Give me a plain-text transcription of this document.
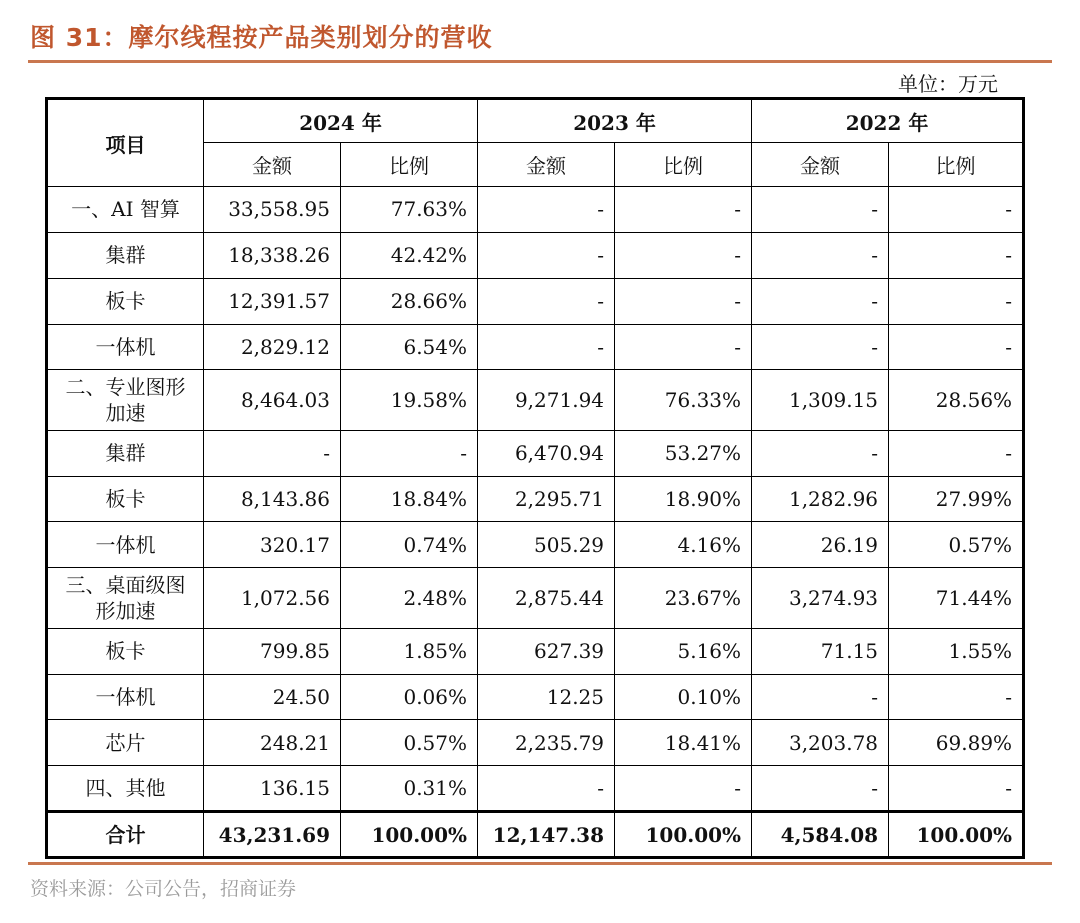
图 31：摩尔线程按产品类别划分的营收
单位：万元
项目	2024 年		2023 年		2022 年	
	金额	比例	金额	比例	金额	比例
一、AI 智算	33,558.95	77.63%	-	-	-	-
集群	18,338.26	42.42%	-	-	-	-
板卡	12,391.57	28.66%	-	-	-	-
一体机	2,829.12	6.54%	-	-	-	-
二、专业图形加速	8,464.03	19.58%	9,271.94	76.33%	1,309.15	28.56%
集群	-	-	6,470.94	53.27%	-	-
板卡	8,143.86	18.84%	2,295.71	18.90%	1,282.96	27.99%
一体机	320.17	0.74%	505.29	4.16%	26.19	0.57%
三、桌面级图形加速	1,072.56	2.48%	2,875.44	23.67%	3,274.93	71.44%
板卡	799.85	1.85%	627.39	5.16%	71.15	1.55%
一体机	24.50	0.06%	12.25	0.10%	-	-
芯片	248.21	0.57%	2,235.79	18.41%	3,203.78	69.89%
四、其他	136.15	0.31%	-	-	-	-
合计	43,231.69	100.00%	12,147.38	100.00%	4,584.08	100.00%
资料来源：公司公告，招商证券
